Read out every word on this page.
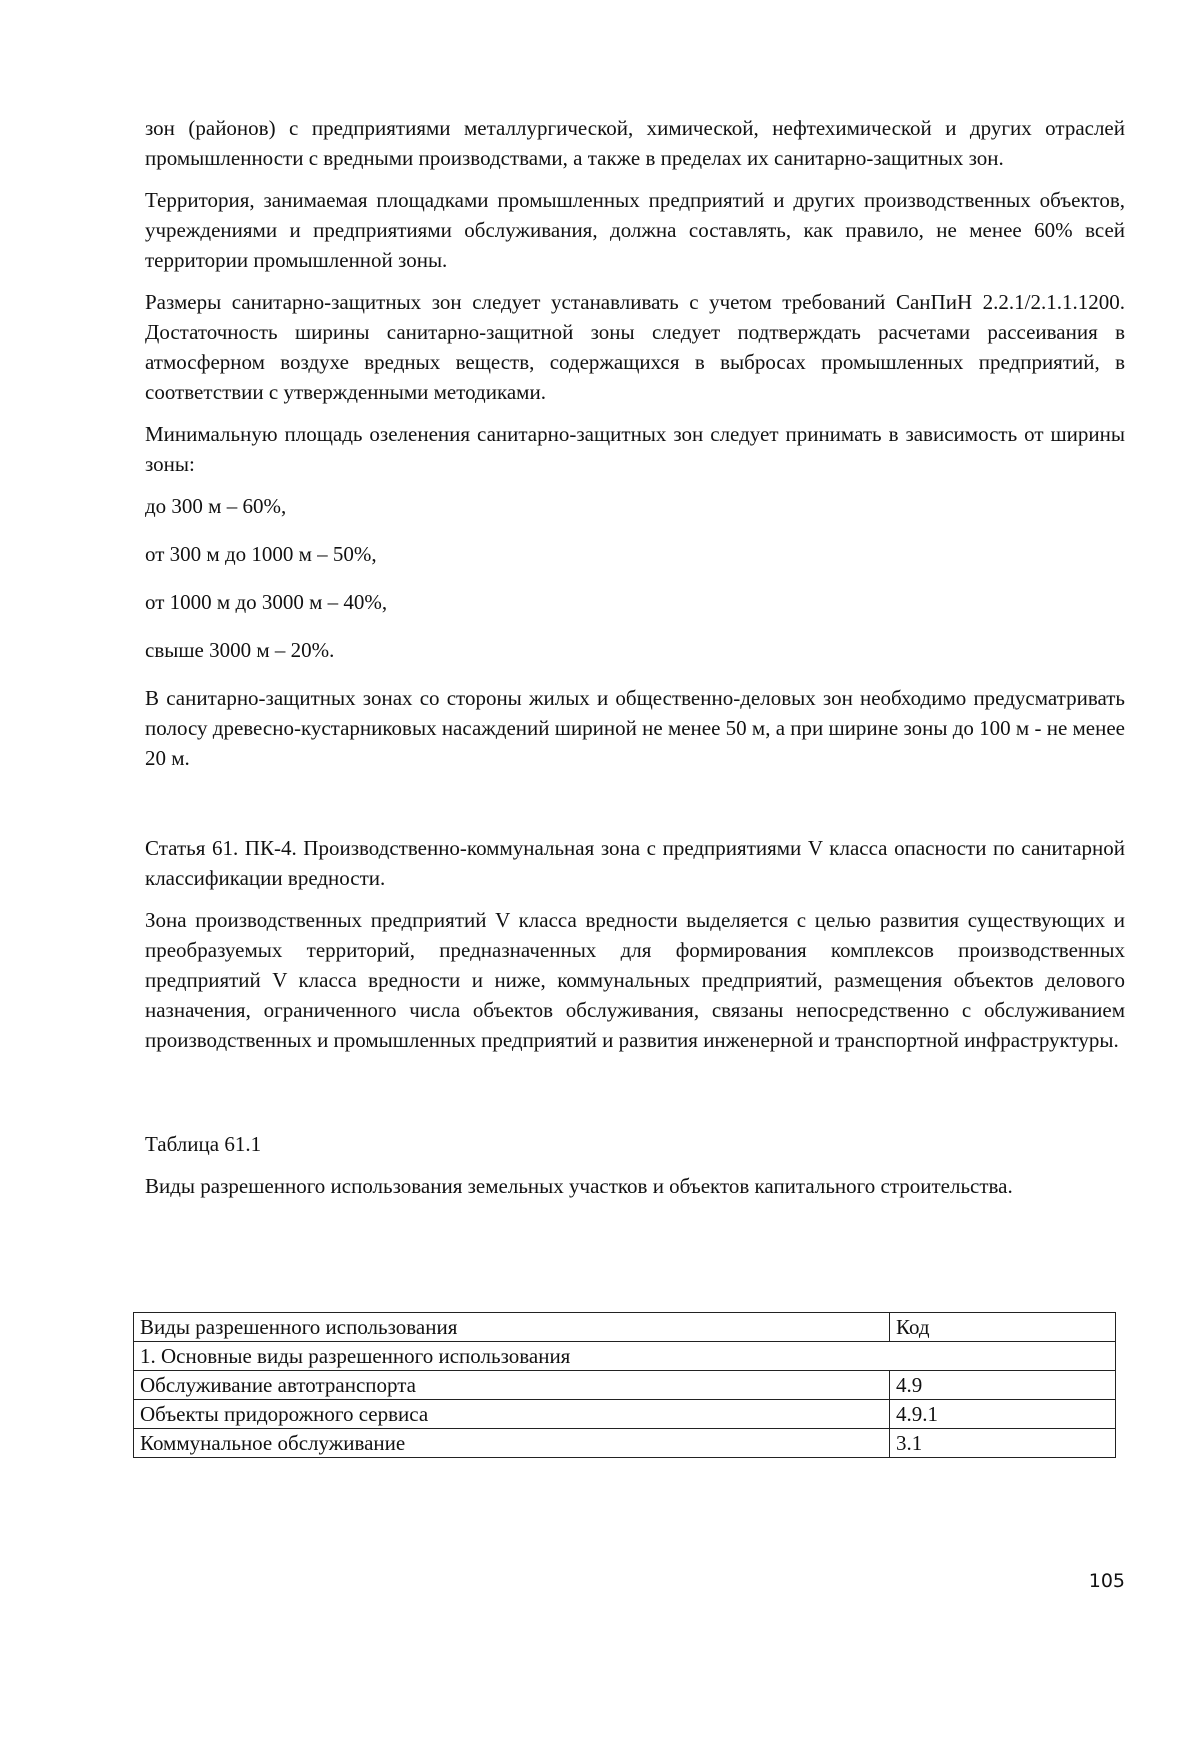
зон (районов) с предприятиями металлургической, химической, нефтехимической и других отраслей промышленности с вредными производствами, а также в пределах их санитарно-защитных зон.

Территория, занимаемая площадками промышленных предприятий и других производственных объектов, учреждениями и предприятиями обслуживания, должна составлять, как правило, не менее 60% всей территории промышленной зоны.

Размеры санитарно-защитных зон следует устанавливать с учетом требований СанПиН 2.2.1/2.1.1.1200. Достаточность ширины санитарно-защитной зоны следует подтверждать расчетами рассеивания в атмосферном воздухе вредных веществ, содержащихся в выбросах промышленных предприятий, в соответствии с утвержденными методиками.

Минимальную площадь озеленения санитарно-защитных зон следует принимать в зависимость от ширины зоны:

до 300 м – 60%,

от 300 м до 1000 м – 50%,

от 1000 м до 3000 м – 40%,

свыше 3000 м – 20%.

В санитарно-защитных зонах со стороны жилых и общественно-деловых зон необходимо предусматривать полосу древесно-кустарниковых насаждений шириной не менее 50 м, а при ширине зоны до 100 м - не менее 20 м.

Статья 61. ПК-4. Производственно-коммунальная зона с предприятиями V класса опасности по санитарной классификации вредности.

Зона производственных предприятий V класса вредности выделяется с целью развития существующих и преобразуемых территорий, предназначенных для формирования комплексов производственных предприятий V класса вредности и ниже, коммунальных предприятий, размещения объектов делового назначения, ограниченного числа объектов обслуживания, связаны непосредственно с обслуживанием производственных и промышленных предприятий и развития инженерной и транспортной инфраструктуры.

Таблица 61.1

Виды разрешенного использования земельных участков и объектов капитального строительства.

Виды разрешенного использования	Код
1. Основные виды разрешенного использования	
Обслуживание автотранспорта	4.9
Объекты придорожного сервиса	4.9.1
Коммунальное обслуживание	3.1
105
